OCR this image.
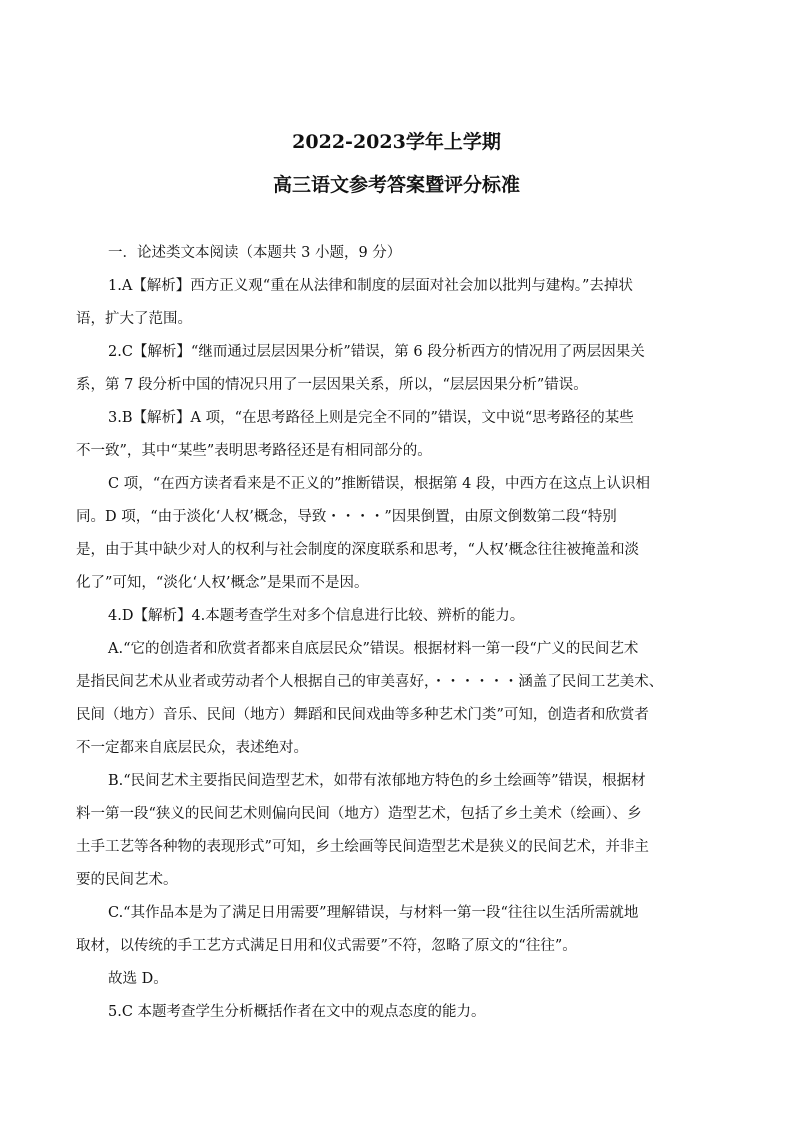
2022-2023学年上学期
高三语文参考答案暨评分标准
一．论述类文本阅读（本题共 3 小题，9 分）
1.A【解析】西方正义观“重在从法律和制度的层面对社会加以批判与建构。”去掉状
语，扩大了范围。
2.C【解析】“继而通过层层因果分析”错误，第 6 段分析西方的情况用了两层因果关
系，第 7 段分析中国的情况只用了一层因果关系，所以，“层层因果分析”错误。
3.B【解析】A 项，“在思考路径上则是完全不同的”错误，文中说“思考路径的某些
不一致”，其中“某些”表明思考路径还是有相同部分的。
C 项，“在西方读者看来是不正义的”推断错误，根据第 4 段，中西方在这点上认识相
同。D 项，“由于淡化‘人权’概念，导致・・・・”因果倒置，由原文倒数第二段“特别
是，由于其中缺少对人的权利与社会制度的深度联系和思考，“人权’概念往往被掩盖和淡
化了”可知，“淡化‘人权’概念”是果而不是因。
4.D【解析】4.本题考查学生对多个信息进行比较、辨析的能力。
A.“它的创造者和欣赏者都来自底层民众”错误。根据材料一第一段“广义的民间艺术
是指民间艺术从业者或劳动者个人根据自己的审美喜好，・・・・・・涵盖了民间工艺美术、
民间（地方）音乐、民间（地方）舞蹈和民间戏曲等多种艺术门类”可知，创造者和欣赏者
不一定都来自底层民众，表述绝对。
B.“民间艺术主要指民间造型艺术，如带有浓郁地方特色的乡土绘画等”错误，根据材
料一第一段“狭义的民间艺术则偏向民间（地方）造型艺术，包括了乡土美术（绘画）、乡
土手工艺等各种物的表现形式”可知，乡土绘画等民间造型艺术是狭义的民间艺术，并非主
要的民间艺术。
C.“其作品本是为了满足日用需要”理解错误，与材料一第一段“往往以生活所需就地
取材，以传统的手工艺方式满足日用和仪式需要”不符，忽略了原文的“往往”。
故选 D。
5.C 本题考查学生分析概括作者在文中的观点态度的能力。
